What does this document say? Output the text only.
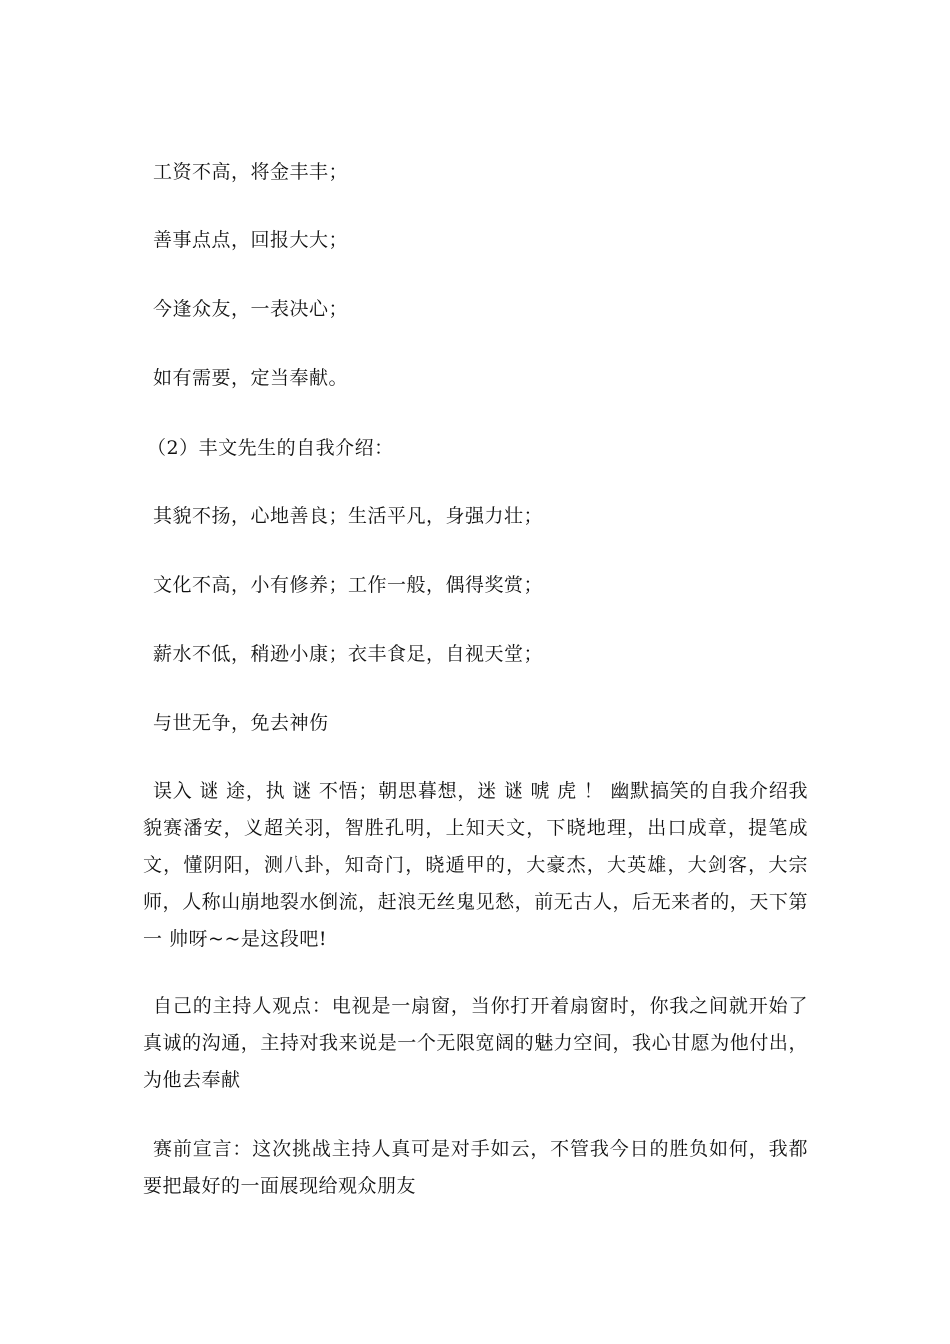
工资不高，将金丰丰；
善事点点，回报大大；
今逢众友，一表决心；
如有需要，定当奉献。
（2）丰文先生的自我介绍：
其貌不扬，心地善良；生活平凡，身强力壮；
文化不高，小有修养；工作一般，偶得奖赏；
薪水不低，稍逊小康；衣丰食足，自视天堂；
与世无争，免去神伤
误入 谜 途，执 谜 不悟；朝思暮想，迷 谜 唬 虎 ！ 幽默搞笑的自我介绍我貌赛潘安，义超关羽，智胜孔明，上知天文，下晓地理，出口成章，提笔成文，懂阴阳，测八卦，知奇门，晓遁甲的，大豪杰，大英雄，大剑客，大宗师，人称山崩地裂水倒流，赶浪无丝鬼见愁，前无古人，后无来者的，天下第一 帅呀~~是这段吧!
自己的主持人观点：电视是一扇窗，当你打开着扇窗时，你我之间就开始了真诚的沟通，主持对我来说是一个无限宽阔的魅力空间，我心甘愿为他付出，为他去奉献
赛前宣言：这次挑战主持人真可是对手如云，不管我今日的胜负如何，我都要把最好的一面展现给观众朋友
